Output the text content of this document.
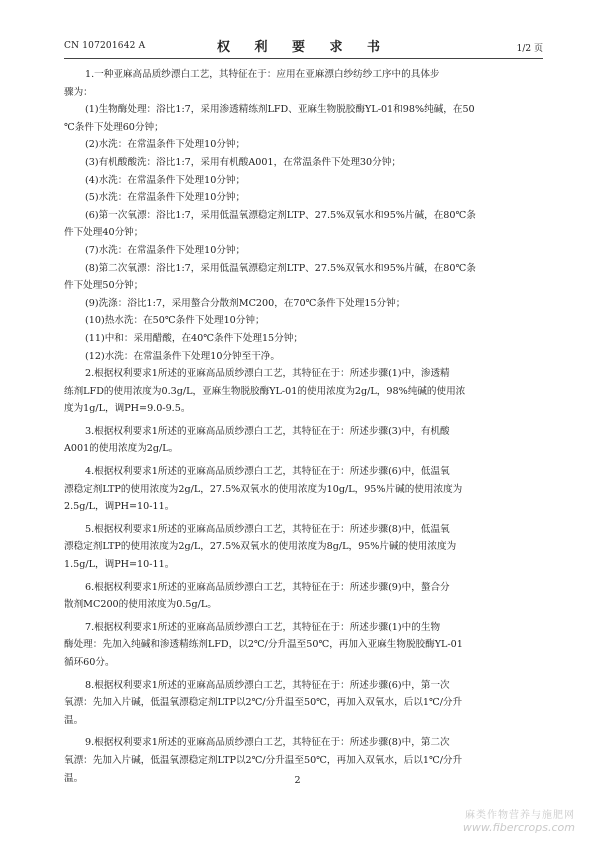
CN 107201642 A	权 利 要 求 书	1/2 页
1.一种亚麻高品质纱漂白工艺，其特征在于：应用在亚麻漂白纱纺纱工序中的具体步
骤为：
(1)生物酶处理：浴比1:7，采用渗透精练剂LFD、亚麻生物脱胶酶YL-01和98%纯碱，在50
℃条件下处理60分钟；
(2)水洗：在常温条件下处理10分钟；
(3)有机酸酸洗：浴比1:7，采用有机酸A001，在常温条件下处理30分钟；
(4)水洗：在常温条件下处理10分钟；
(5)水洗：在常温条件下处理10分钟；
(6)第一次氧漂：浴比1:7，采用低温氧漂稳定剂LTP、27.5%双氧水和95%片碱，在80℃条
件下处理40分钟；
(7)水洗：在常温条件下处理10分钟；
(8)第二次氧漂：浴比1:7，采用低温氧漂稳定剂LTP、27.5%双氧水和95%片碱，在80℃条
件下处理50分钟；
(9)洗涤：浴比1:7，采用螯合分散剂MC200，在70℃条件下处理15分钟；
(10)热水洗：在50℃条件下处理10分钟；
(11)中和：采用醋酸，在40℃条件下处理15分钟；
(12)水洗：在常温条件下处理10分钟至干净。
2.根据权利要求1所述的亚麻高品质纱漂白工艺，其特征在于：所述步骤(1)中，渗透精
练剂LFD的使用浓度为0.3g/L，亚麻生物脱胶酶YL-01的使用浓度为2g/L，98%纯碱的使用浓
度为1g/L，调PH=9.0-9.5。
3.根据权利要求1所述的亚麻高品质纱漂白工艺，其特征在于：所述步骤(3)中，有机酸
A001的使用浓度为2g/L。
4.根据权利要求1所述的亚麻高品质纱漂白工艺，其特征在于：所述步骤(6)中，低温氧
漂稳定剂LTP的使用浓度为2g/L，27.5%双氧水的使用浓度为10g/L，95%片碱的使用浓度为
2.5g/L，调PH=10-11。
5.根据权利要求1所述的亚麻高品质纱漂白工艺，其特征在于：所述步骤(8)中，低温氧
漂稳定剂LTP的使用浓度为2g/L，27.5%双氧水的使用浓度为8g/L，95%片碱的使用浓度为
1.5g/L，调PH=10-11。
6.根据权利要求1所述的亚麻高品质纱漂白工艺，其特征在于：所述步骤(9)中，螯合分
散剂MC200的使用浓度为0.5g/L。
7.根据权利要求1所述的亚麻高品质纱漂白工艺，其特征在于：所述步骤(1)中的生物
酶处理：先加入纯碱和渗透精练剂LFD，以2℃/分升温至50℃，再加入亚麻生物脱胶酶YL-01
循环60分。
8.根据权利要求1所述的亚麻高品质纱漂白工艺，其特征在于：所述步骤(6)中，第一次
氧漂：先加入片碱，低温氧漂稳定剂LTP以2℃/分升温至50℃，再加入双氧水，后以1℃/分升
温。
9.根据权利要求1所述的亚麻高品质纱漂白工艺，其特征在于：所述步骤(8)中，第二次
氧漂：先加入片碱，低温氧漂稳定剂LTP以2℃/分升温至50℃，再加入双氧水，后以1℃/分升
温。	2
麻类作物营养与施肥网
www.fibercrops.com
